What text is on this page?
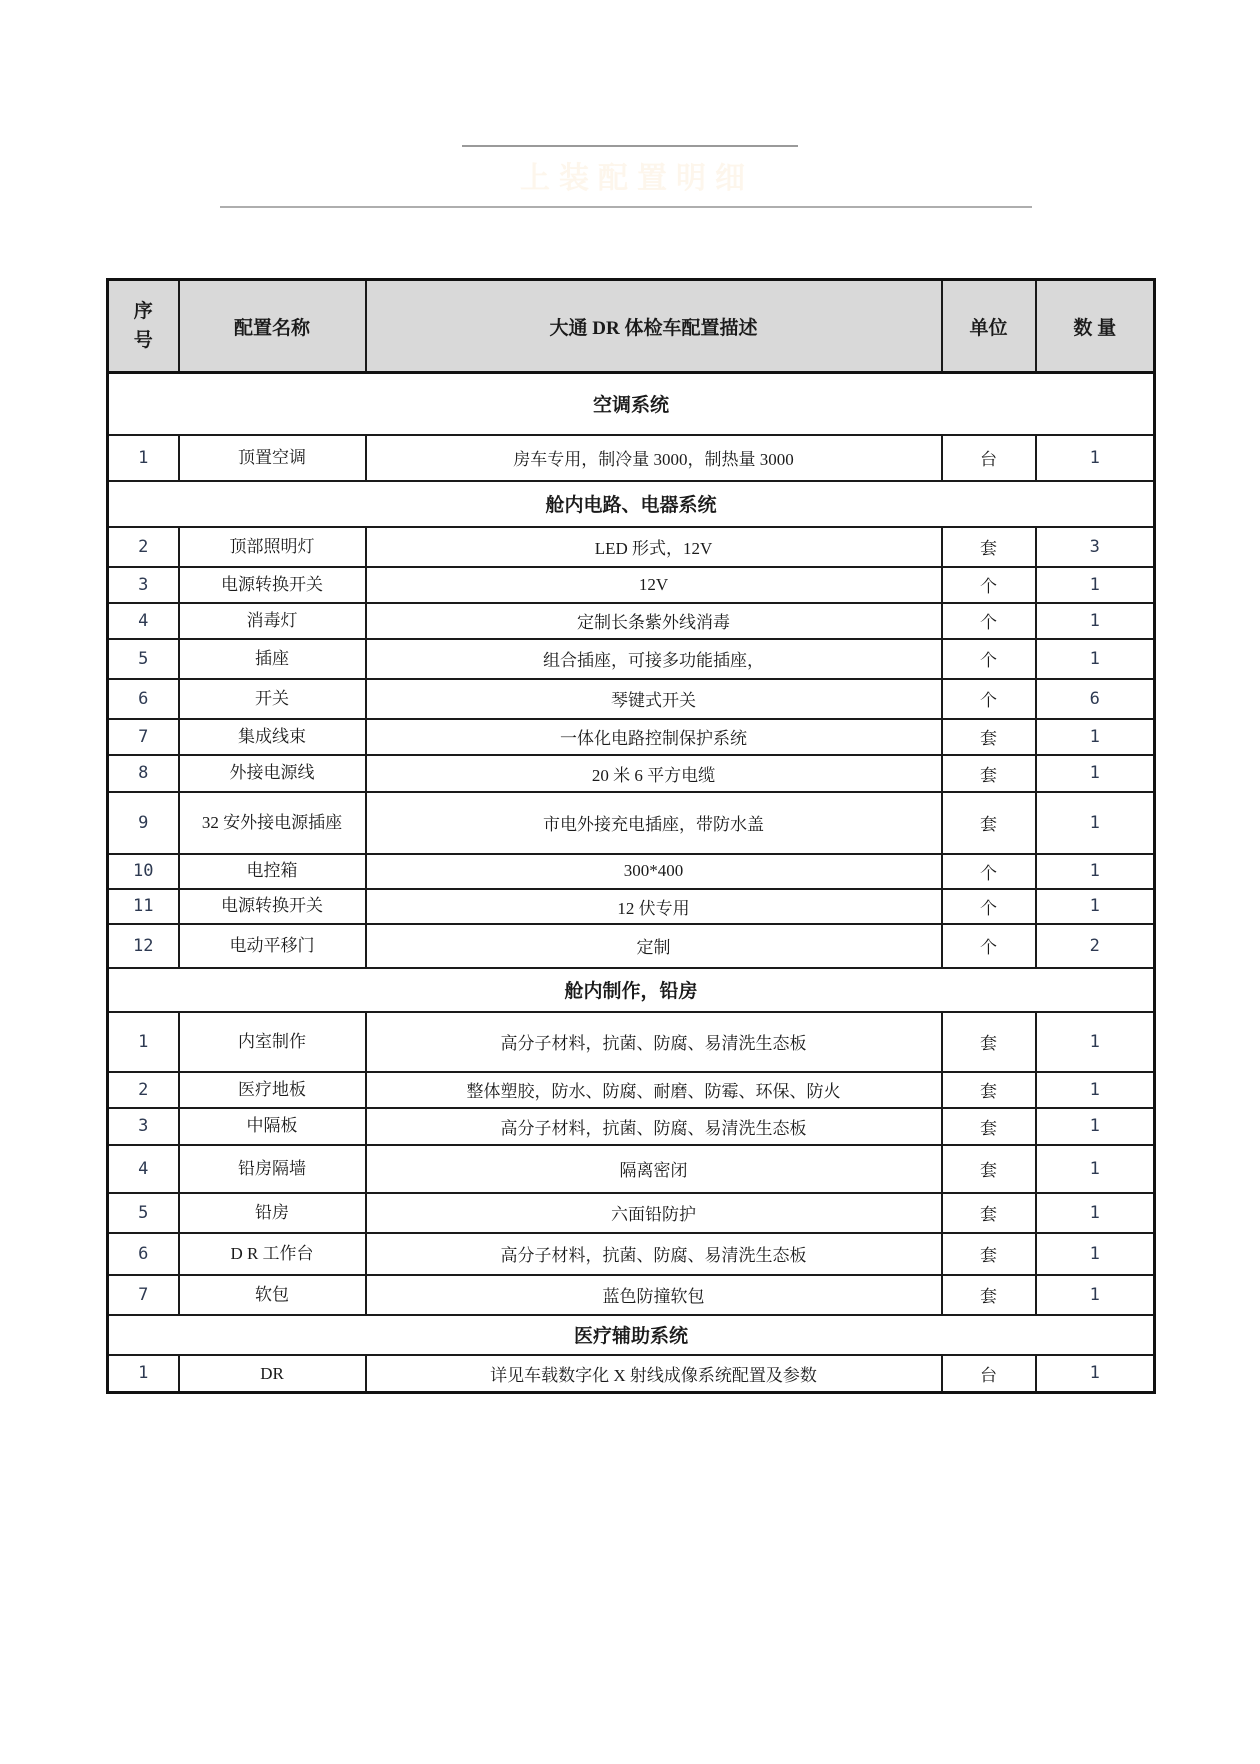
上装配置明细
序号	配置名称	大通 DR 体检车配置描述	单位	数 量
空调系统				
1	顶置空调	房车专用，制冷量 3000，制热量 3000	台	1
舱内电路、电器系统				
2	顶部照明灯	LED 形式，12V	套	3
3	电源转换开关	12V	个	1
4	消毒灯	定制长条紫外线消毒	个	1
5	插座	组合插座，可接多功能插座，	个	1
6	开关	琴键式开关	个	6
7	集成线束	一体化电路控制保护系统	套	1
8	外接电源线	20 米 6 平方电缆	套	1
9	32 安外接电源插座	市电外接充电插座，带防水盖	套	1
10	电控箱	300*400	个	1
11	电源转换开关	12 伏专用	个	1
12	电动平移门	定制	个	2
舱内制作，铅房				
1	内室制作	高分子材料，抗菌、防腐、易清洗生态板	套	1
2	医疗地板	整体塑胶，防水、防腐、耐磨、防霉、环保、防火	套	1
3	中隔板	高分子材料，抗菌、防腐、易清洗生态板	套	1
4	铅房隔墙	隔离密闭	套	1
5	铅房	六面铅防护	套	1
6	D R 工作台	高分子材料，抗菌、防腐、易清洗生态板	套	1
7	软包	蓝色防撞软包	套	1
医疗辅助系统				
1	DR	详见车载数字化 X 射线成像系统配置及参数	台	1
